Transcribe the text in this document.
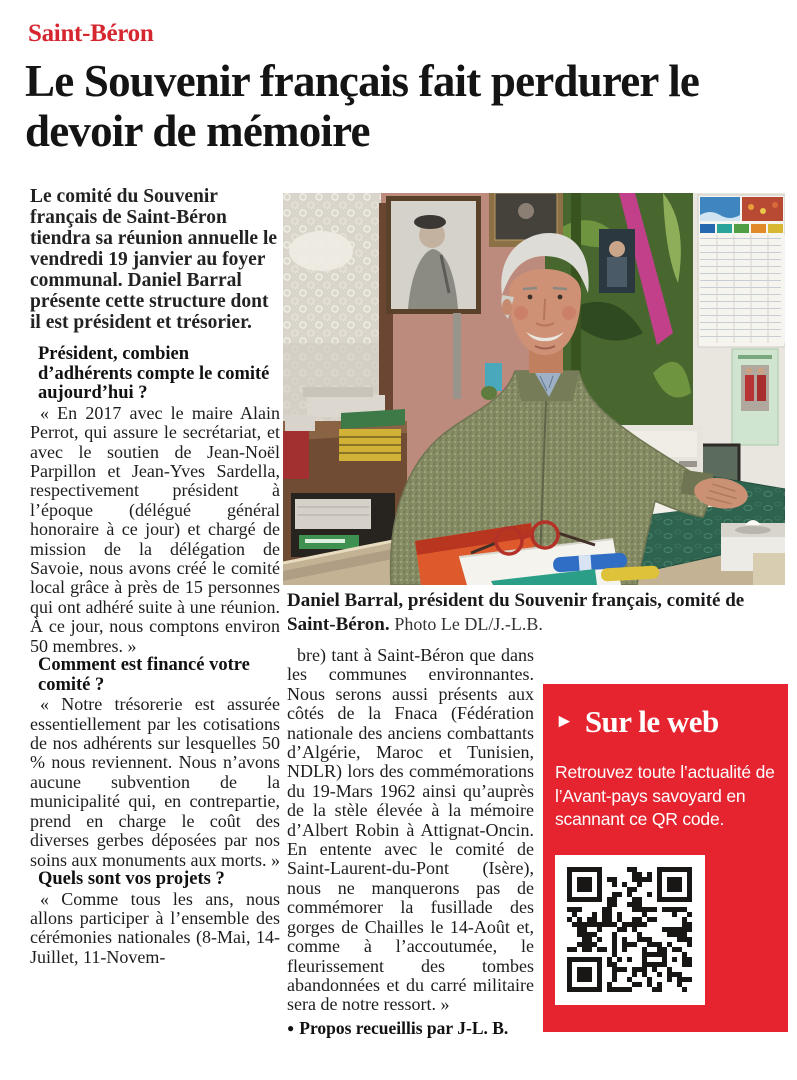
Saint-Béron
Le Souvenir français fait perdurer le devoir de mémoire

Le comité du Souvenir français de Saint-Béron tiendra sa réunion annuelle le vendredi 19 janvier au foyer communal. Daniel Barral présente cette structure dont il est président et trésorier.

Président, combien d’adhérents compte le comité aujourd’hui ?

« En 2017 avec le maire Alain Perrot, qui assure le secrétariat, et avec le soutien de Jean-Noël Parpillon et Jean-Yves Sardella, respectivement président à l’époque (délégué général honoraire à ce jour) et chargé de mission de la délégation de Savoie, nous avons créé le comité local grâce à près de 15 personnes qui ont adhéré suite à une réunion. À ce jour, nous comptons environ 50 membres. »

Comment est financé votre comité ?

« Notre trésorerie est assurée essentiellement par les cotisations de nos adhérents sur lesquelles 50 % nous reviennent. Nous n’avons aucune subvention de la municipalité qui, en contrepartie, prend en charge le coût des diverses gerbes déposées par nos soins aux monuments aux morts. »

Quels sont vos projets ?

« Comme tous les ans, nous allons participer à l’ensemble des cérémonies nationales (8-Mai, 14-Juillet, 11-Novem-

Daniel Barral, président du Souvenir français, comité de Saint-Béron. Photo Le DL/J.-L.B.

bre) tant à Saint-Béron que dans les communes environnantes. Nous serons aussi présents aux côtés de la Fnaca (Fédération nationale des anciens combattants d’Algérie, Maroc et Tunisien, NDLR) lors des commémorations du 19-Mars 1962 ainsi qu’auprès de la stèle élevée à la mémoire d’Albert Robin à Attignat-Oncin. En entente avec le comité de Saint-Laurent-du-Pont (Isère), nous ne manquerons pas de commémorer la fusillade des gorges de Chailles le 14-Août et, comme à l’accoutumée, le fleurissement des tombes abandonnées et du carré militaire sera de notre ressort. »

● Propos recueillis par J-L. B.

► Sur le web
Retrouvez toute l’actualité de l’Avant-pays savoyard en scannant ce QR code.
